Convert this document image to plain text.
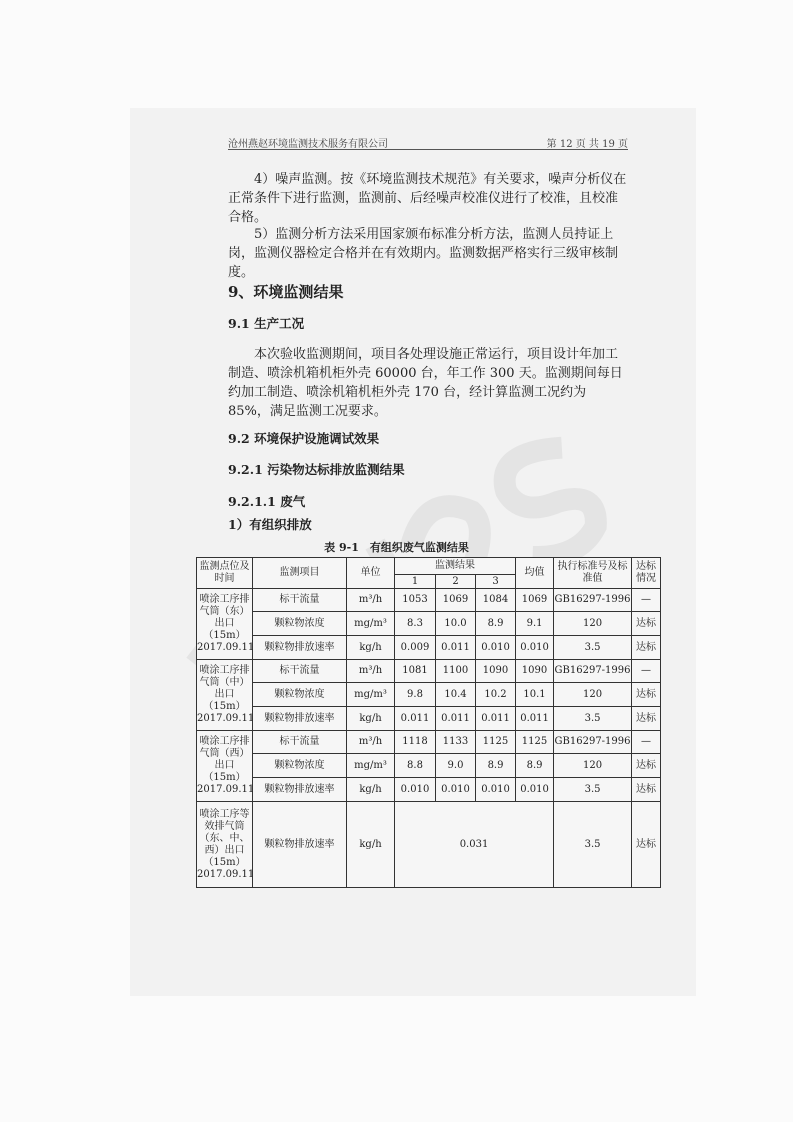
沧州燕赵环境监测技术服务有限公司	第 12 页 共 19 页

4）噪声监测。按《环境监测技术规范》有关要求，噪声分析仪在正常条件下进行监测，监测前、后经噪声校准仪进行了校准，且校准合格。

5）监测分析方法采用国家颁布标准分析方法，监测人员持证上岗，监测仪器检定合格并在有效期内。监测数据严格实行三级审核制度。

9、环境监测结果
9.1 生产工况

本次验收监测期间，项目各处理设施正常运行，项目设计年加工制造、喷涂机箱机柜外壳 60000 台，年工作 300 天。监测期间每日约加工制造、喷涂机箱机柜外壳 170 台，经计算监测工况约为 85%，满足监测工况要求。

9.2 环境保护设施调试效果
9.2.1 污染物达标排放监测结果
9.2.1.1 废气
1）有组织排放
表 9-1　有组织废气监测结果
监测点位及时间	监测项目	单位	监测结果			均值	执行标准号及标准值	达标情况
			1	2	3			
喷涂工序排气筒（东）出口（15m）2017.09.11	标干流量	m³/h	1053	1069	1084	1069	GB16297-1996	—
	颗粒物浓度	mg/m³	8.3	10.0	8.9	9.1	120	达标
	颗粒物排放速率	kg/h	0.009	0.011	0.010	0.010	3.5	达标
喷涂工序排气筒（中）出口（15m）2017.09.11	标干流量	m³/h	1081	1100	1090	1090	GB16297-1996	—
	颗粒物浓度	mg/m³	9.8	10.4	10.2	10.1	120	达标
	颗粒物排放速率	kg/h	0.011	0.011	0.011	0.011	3.5	达标
喷涂工序排气筒（西）出口（15m）2017.09.11	标干流量	m³/h	1118	1133	1125	1125	GB16297-1996	—
	颗粒物浓度	mg/m³	8.8	9.0	8.9	8.9	120	达标
	颗粒物排放速率	kg/h	0.010	0.010	0.010	0.010	3.5	达标
喷涂工序等效排气筒（东、中、西）出口（15m）2017.09.11	颗粒物排放速率	kg/h	0.031				3.5	达标
